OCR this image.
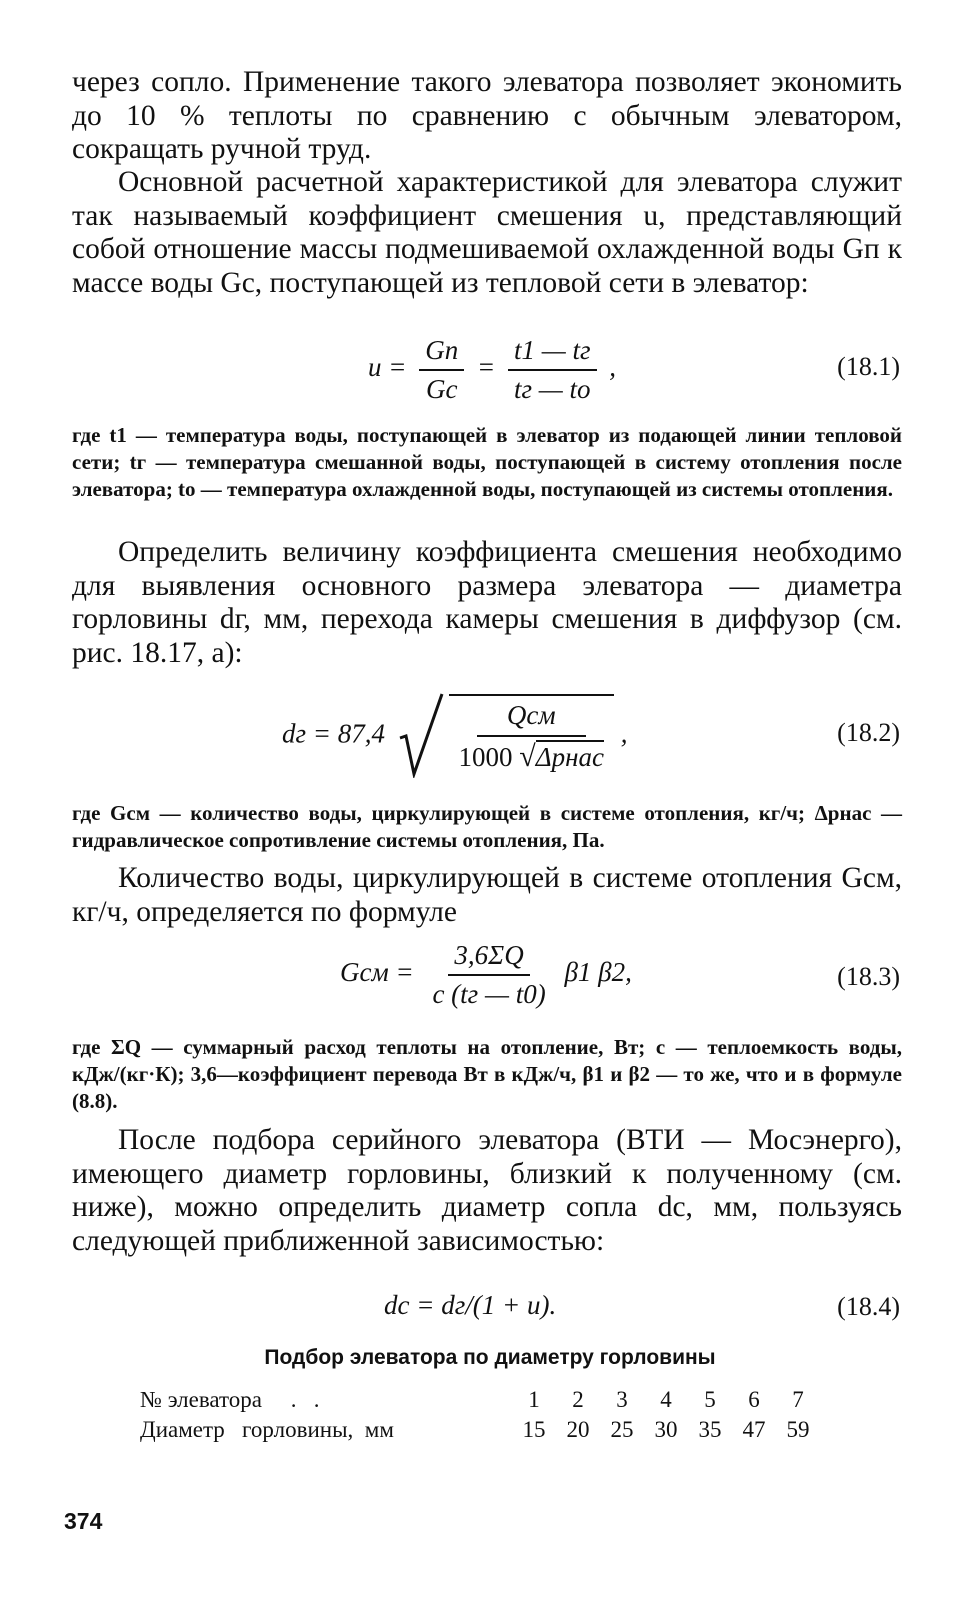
через сопло. Применение такого элеватора позволяет экономить до 10 % теплоты по сравнению с обычным элеватором, сокращать ручной труд.

Основной расчетной характеристикой для элеватора служит так называемый коэффициент смешения u, представляющий собой отношение массы подмешиваемой охлажденной воды Gп к массе воды Gс, поступающей из тепловой сети в элеватор:

$u = \frac{Gп}{Gс} = \frac{t1 — tг}{tг — tо}$ ,	(18.1)

где t1 — температура воды, поступающей в элеватор из подающей линии тепловой сети; tг — температура смешанной воды, поступающей в систему отопления после элеватора; tо — температура охлажденной воды, поступающей из системы отопления.

Определить величину коэффициента смешения необходимо для выявления основного размера элеватора — диаметра горловины dг, мм, перехода камеры смешения в диффузор (см. рис. 18.17, а):

dг = 87,4	$\frac{\text{Qсм}}{\text{1000 √Δpнас}}$ ,	(18.2)

где Gсм — количество воды, циркулирующей в системе отопления, кг/ч; Δpнас — гидравлическое сопротивление системы отопления, Па.

Количество воды, циркулирующей в системе отопления Gсм, кг/ч, определяется по формуле

Gсм = $\frac{3,6\Sigma Q}{c (tг — t0)} \beta 1$ β2,	(18.3)

где ΣQ — суммарный расход теплоты на отопление, Вт; c — теплоемкость воды, кДж/(кг·К); 3,6—коэффициент перевода Вт в кДж/ч, β1 и β2 — то же, что и в формуле (8.8).

После подбора серийного элеватора (ВТИ — Мосэнерго), имеющего диаметр горловины, близкий к полученному (см. ниже), можно определить диаметр сопла dс, мм, пользуясь следующей приближенной зависимостью:

dс = dг/(1 + u).	(18.4)
Подбор элеватора по диаметру горловины
№ элеватора     .   .	1	2	3	4	5	6	7
Диаметр   горловины,  мм	15	20	25	30	35	47	59
374
